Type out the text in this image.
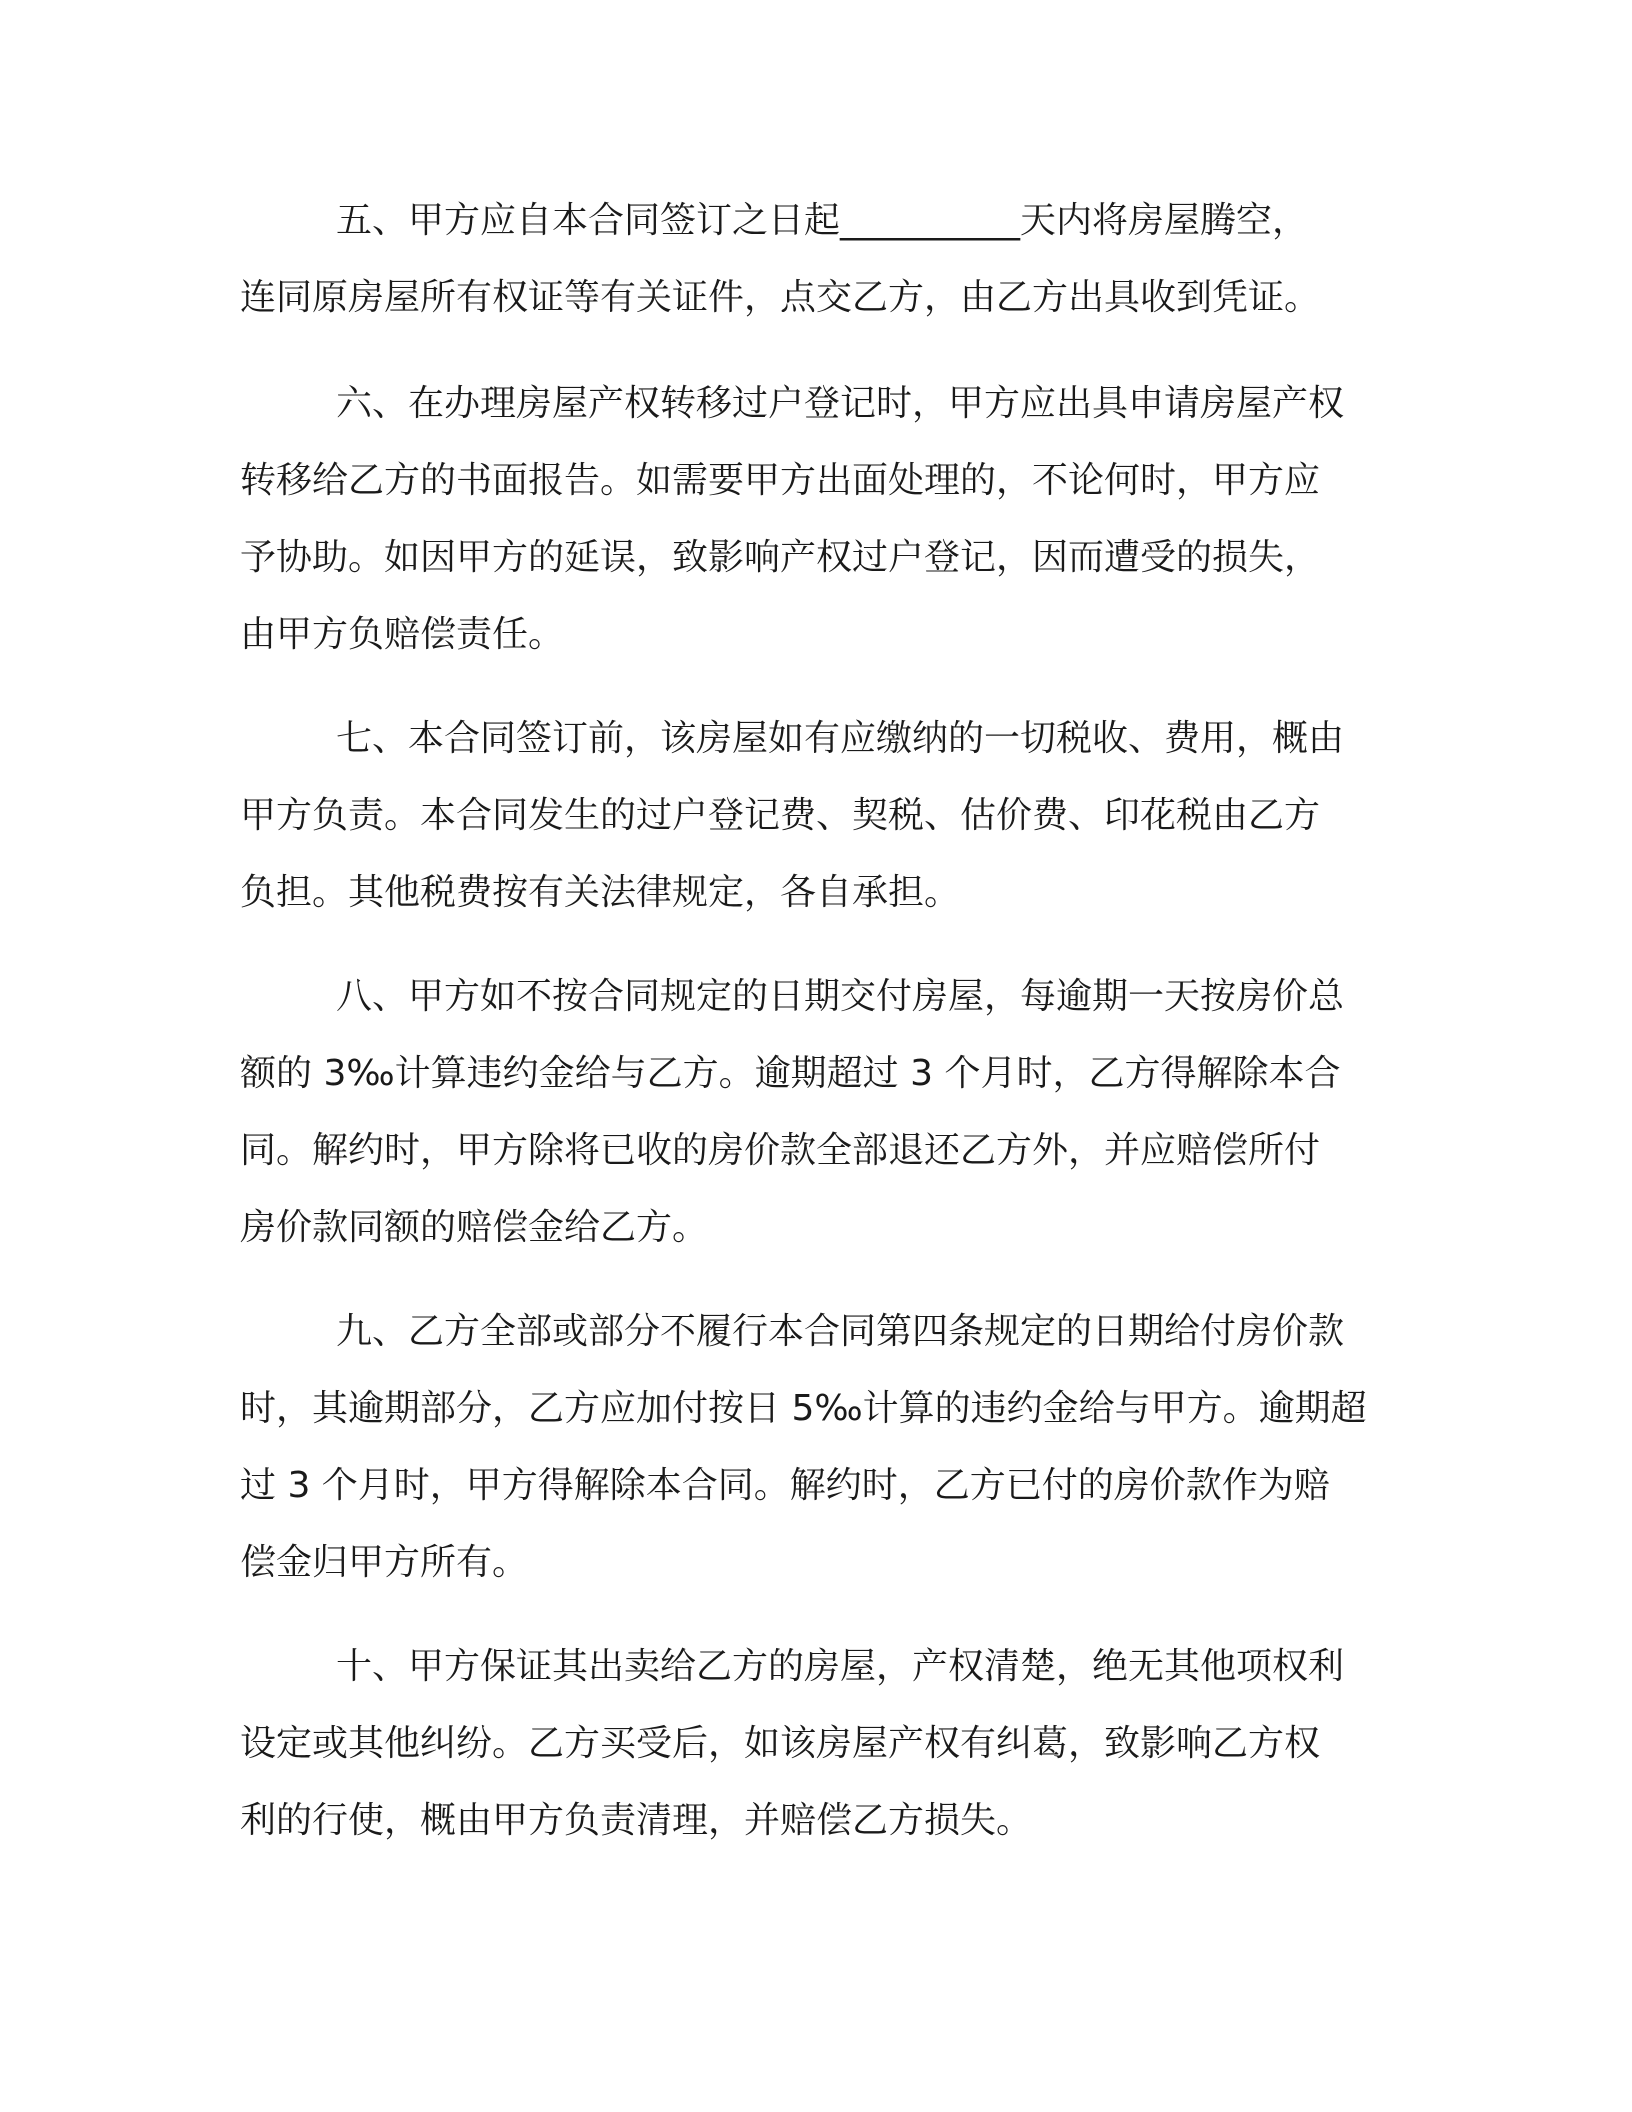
五、甲方应自本合同签订之日起__________天内将房屋腾空，
连同原房屋所有权证等有关证件，点交乙方，由乙方出具收到凭证。

六、在办理房屋产权转移过户登记时，甲方应出具申请房屋产权
转移给乙方的书面报告。如需要甲方出面处理的，不论何时，甲方应
予协助。如因甲方的延误，致影响产权过户登记，因而遭受的损失，
由甲方负赔偿责任。

七、本合同签订前，该房屋如有应缴纳的一切税收、费用，概由
甲方负责。本合同发生的过户登记费、契税、估价费、印花税由乙方
负担。其他税费按有关法律规定，各自承担。

八、甲方如不按合同规定的日期交付房屋，每逾期一天按房价总
额的 3‰计算违约金给与乙方。逾期超过 3 个月时，乙方得解除本合
同。解约时，甲方除将已收的房价款全部退还乙方外，并应赔偿所付
房价款同额的赔偿金给乙方。

九、乙方全部或部分不履行本合同第四条规定的日期给付房价款
时，其逾期部分，乙方应加付按日 5‰计算的违约金给与甲方。逾期超
过 3 个月时，甲方得解除本合同。解约时，乙方已付的房价款作为赔
偿金归甲方所有。

十、甲方保证其出卖给乙方的房屋，产权清楚，绝无其他项权利
设定或其他纠纷。乙方买受后，如该房屋产权有纠葛，致影响乙方权
利的行使，概由甲方负责清理，并赔偿乙方损失。
